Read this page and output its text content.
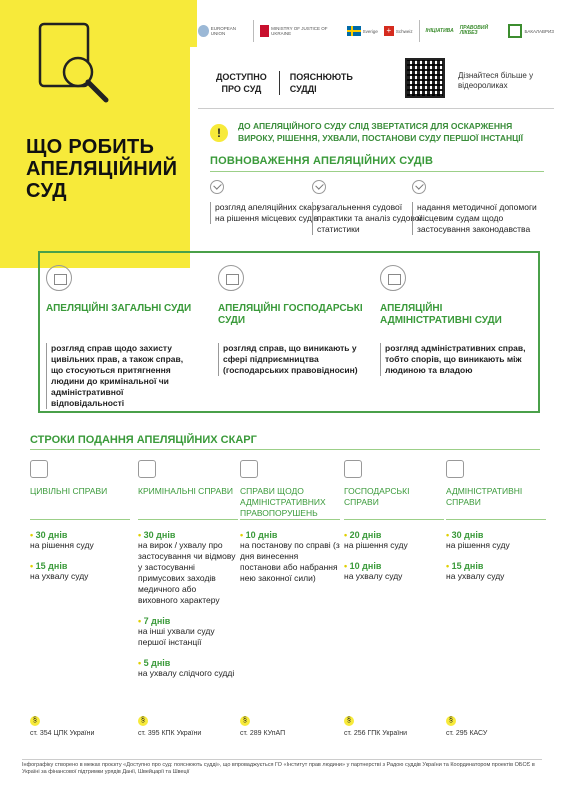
ЩО РОБИТЬ АПЕЛЯЦІЙНИЙ СУД
EUROPEAN UNION
MINISTRY OF JUSTICE OF UKRAINE	Sverige	+	Schweiz	ІНІЦІАТИВА ПРАВОВИЙ ЛІКБЕЗ	БАКАЛАВРИЗ
ДОСТУПНО
ПРО СУД
ПОЯСНЮЮТЬ
СУДДІ
Дізнайтеся більше у відеороликах
!	ДО АПЕЛЯЦІЙНОГО СУДУ СЛІД ЗВЕРТАТИСЯ ДЛЯ ОСКАРЖЕННЯ ВИРОКУ, РІШЕННЯ, УХВАЛИ, ПОСТАНОВИ СУДУ ПЕРШОЇ ІНСТАНЦІЇ
ПОВНОВАЖЕННЯ АПЕЛЯЦІЙНИХ СУДІВ
розгляд апеляційних скарг на рішення місцевих судів
узагальнення судової практики та аналіз судової статистики
надання методичної допомоги місцевим судам щодо застосування законодавства
АПЕЛЯЦІЙНІ ЗАГАЛЬНІ СУДИ
розгляд справ щодо захисту цивільних прав, а також справ, що стосуються притягнення людини до кримінальної чи адміністративної відповідальності
АПЕЛЯЦІЙНІ ГОСПОДАРСЬКІ СУДИ
розгляд справ, що виникають у сфері підприємництва (господарських правовідносин)
АПЕЛЯЦІЙНІ АДМІНІСТРАТИВНІ СУДИ
розгляд адміністративних справ, тобто спорів, що виникають між людиною та владою
СТРОКИ ПОДАННЯ АПЕЛЯЦІЙНИХ СКАРГ
ЦИВІЛЬНІ СПРАВИ
• 30 днів
на рішення суду
• 15 днів
на ухвалу суду
КРИМІНАЛЬНІ СПРАВИ
• 30 днів
на вирок / ухвалу про застосування чи відмову у застосуванні примусових заходів медичного або виховного характеру
• 7 днів
на інші ухвали суду першої інстанції
• 5 днів
на ухвалу слідчого судді
СПРАВИ ЩОДО АДМІНІСТРАТИВНИХ ПРАВОПОРУШЕНЬ
• 10 днів
на постанову по справі (з дня винесення постанови або набрання нею законної сили)
ГОСПОДАРСЬКІ СПРАВИ
• 20 днів
на рішення суду
• 10 днів
на ухвалу суду
АДМІНІСТРАТИВНІ СПРАВИ
• 30 днів
на рішення суду
• 15 днів
на ухвалу суду
§
ст. 354 ЦПК України
§
ст. 395 КПК України
§
ст. 289 КУпАП
§
ст. 256 ГПК України
§
ст. 295 КАСУ
Інфографіку створено в межах проєкту «Доступно про суд: пояснюють судді», що впроваджується ГО «Інститут прав людини» у партнерстві з Радою суддів України та Координатором проектів ОБСЄ в Україні за фінансової підтримки урядів Данії, Швейцарії та Швеції
